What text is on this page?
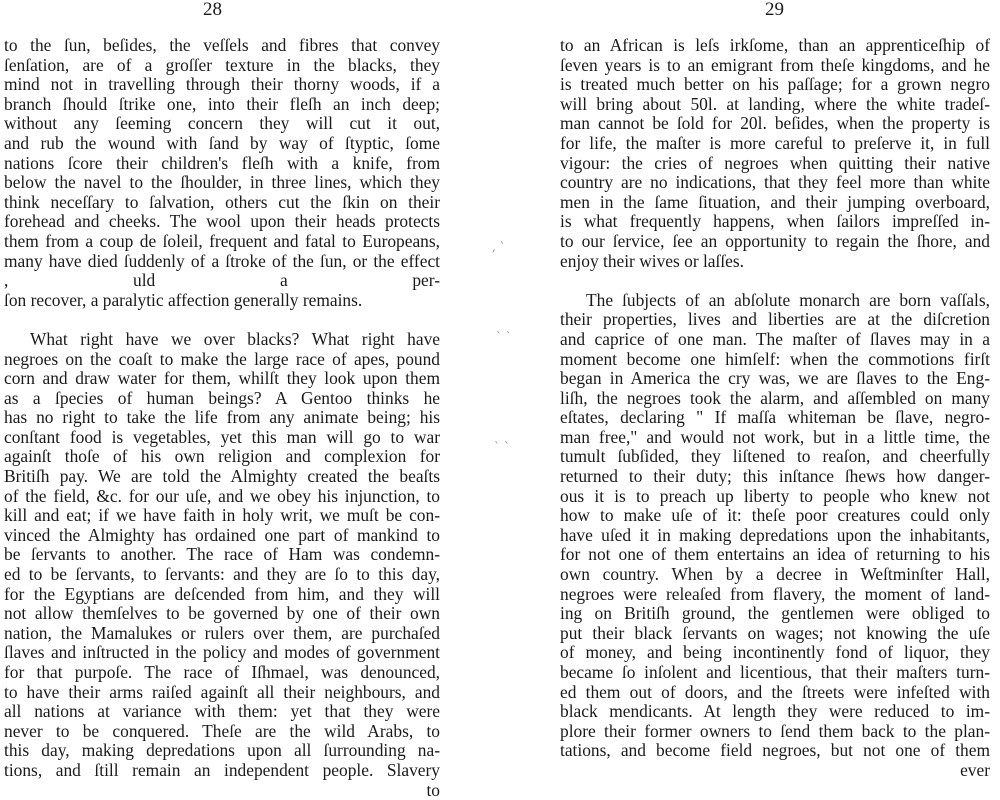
28	29
to the ſun, beſides, the veſſels and fibres that convey
ſenſation, are of a groſſer texture in the blacks, they
mind not in travelling through their thorny woods, if a
branch ſhould ſtrike one, into their fleſh an inch deep;
without any ſeeming concern they will cut it out,
and rub the wound with ſand by way of ſtyptic, ſome
nations ſcore their children's fleſh with a knife, from
below the navel to the ſhoulder, in three lines, which they
think neceſſary to ſalvation, others cut the ſkin on their
forehead and cheeks. The wool upon their heads protects
them from a coup de ſoleil, frequent and fatal to Europeans,
many have died ſuddenly of a ſtroke of the ſun, or the effect
, uld a per-
ſon recover, a paralytic affection generally remains.
What right have we over blacks? What right have
negroes on the coaſt to make the large race of apes, pound
corn and draw water for them, whilſt they look upon them
as a ſpecies of human beings? A Gentoo thinks he
has no right to take the life from any animate being; his
conſtant food is vegetables, yet this man will go to war
againſt thoſe of his own religion and complexion for
Britiſh pay. We are told the Almighty created the beaſts
of the field, &c. for our uſe, and we obey his injunction, to
kill and eat; if we have faith in holy writ, we muſt be con-
vinced the Almighty has ordained one part of mankind to
be ſervants to another. The race of Ham was condemn-
ed to be ſervants, to ſervants: and they are ſo to this day,
for the Egyptians are deſcended from him, and they will
not allow themſelves to be governed by one of their own
nation, the Mamalukes or rulers over them, are purchaſed
ſlaves and inſtructed in the policy and modes of government
for that purpoſe. The race of Iſhmael, was denounced,
to have their arms raiſed againſt all their neighbours, and
all nations at variance with them: yet that they were
never to be conquered. Theſe are the wild Arabs, to
this day, making depredations upon all ſurrounding na-
tions, and ſtill remain an independent people. Slavery
to
to an African is leſs irkſome, than an apprenticeſhip of
ſeven years is to an emigrant from theſe kingdoms, and he
is treated much better on his paſſage; for a grown negro
will bring about 50l. at landing, where the white tradeſ-
man cannot be ſold for 20l. beſides, when the property is
for life, the maſter is more careful to preſerve it, in full
vigour: the cries of negroes when quitting their native
country are no indications, that they feel more than white
men in the ſame ſituation, and their jumping overboard,
is what frequently happens, when ſailors impreſſed in-
to our ſervice, ſee an opportunity to regain the ſhore, and
enjoy their wives or laſſes.
The ſubjects of an abſolute monarch are born vaſſals,
their properties, lives and liberties are at the diſcretion
and caprice of one man. The maſter of ſlaves may in a
moment become one himſelf: when the commotions firſt
began in America the cry was, we are ſlaves to the Eng-
liſh, the negroes took the alarm, and aſſembled on many
eſtates, declaring " If maſſa whiteman be ſlave, negro-
man free," and would not work, but in a little time, the
tumult ſubſided, they liſtened to reaſon, and cheerfully
returned to their duty; this inſtance ſhews how danger-
ous it is to preach up liberty to people who knew not
how to make uſe of it: theſe poor creatures could only
have uſed it in making depredations upon the inhabitants,
for not one of them entertains an idea of returning to his
own country. When by a decree in Weſtminſter Hall,
negroes were releaſed from flavery, the moment of land-
ing on Britiſh ground, the gentlemen were obliged to
put their black ſervants on wages; not knowing the uſe
of money, and being incontinently fond of liquor, they
became ſo inſolent and licentious, that their maſters turn-
ed them out of doors, and the ſtreets were infeſted with
black mendicants. At length they were reduced to im-
plore their former owners to ſend them back to the plan-
tations, and become field negroes, but not one of them
ever
, `
` `
` `
